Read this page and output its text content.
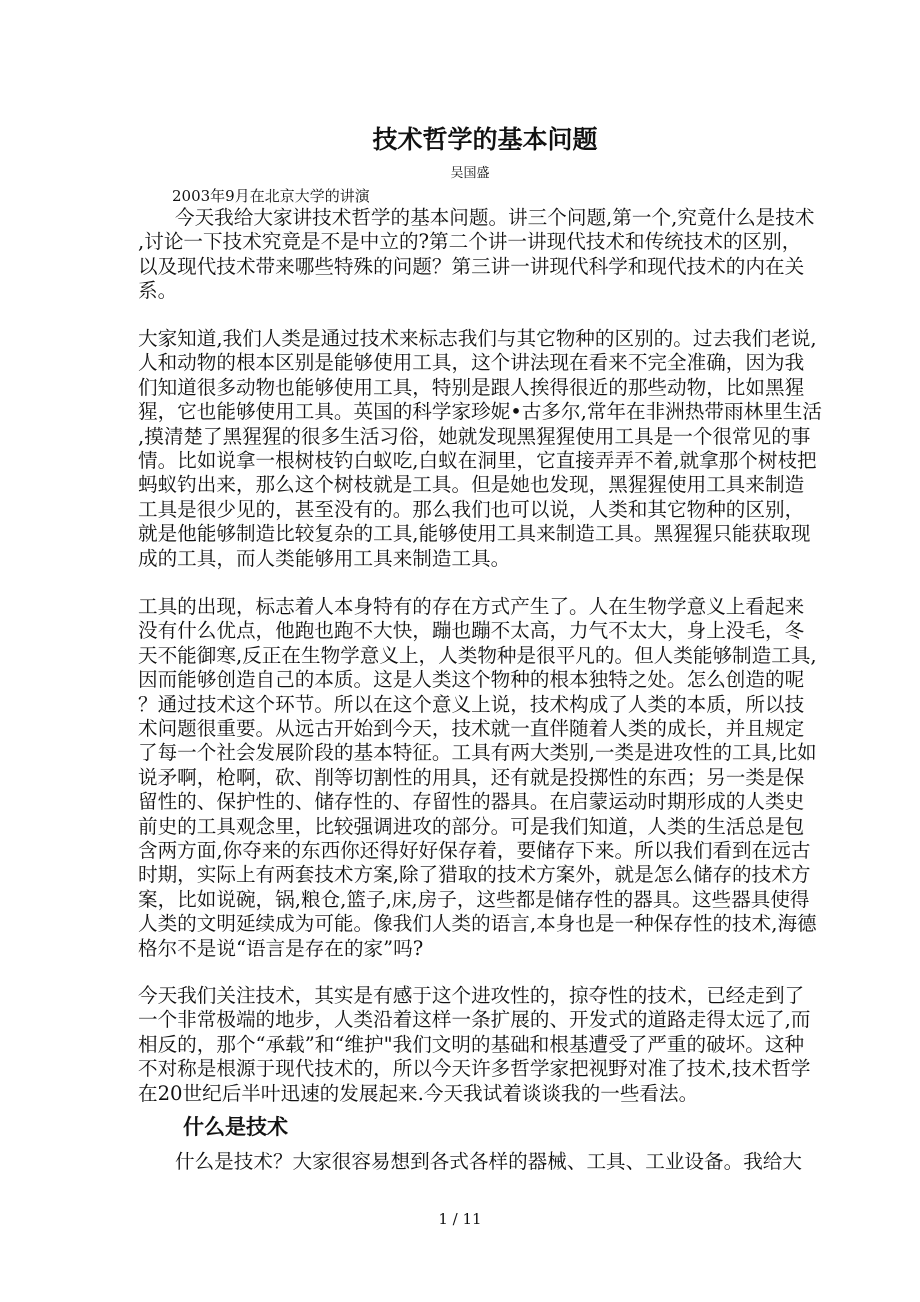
技术哲学的基本问题
吴国盛
2003年9月在北京大学的讲演
今天我给大家讲技术哲学的基本问题。讲三个问题,第一个,究竟什么是技术
,讨论一下技术究竟是不是中立的?第二个讲一讲现代技术和传统技术的区别，
以及现代技术带来哪些特殊的问题？第三讲一讲现代科学和现代技术的内在关
系。
大家知道,我们人类是通过技术来标志我们与其它物种的区别的。过去我们老说,
人和动物的根本区别是能够使用工具，这个讲法现在看来不完全准确，因为我
们知道很多动物也能够使用工具，特别是跟人挨得很近的那些动物，比如黑猩
猩，它也能够使用工具。英国的科学家珍妮•古多尔,常年在非洲热带雨林里生活
,摸清楚了黑猩猩的很多生活习俗，她就发现黑猩猩使用工具是一个很常见的事
情。比如说拿一根树枝钓白蚁吃,白蚁在洞里，它直接弄弄不着,就拿那个树枝把
蚂蚁钓出来，那么这个树枝就是工具。但是她也发现，黑猩猩使用工具来制造
工具是很少见的，甚至没有的。那么我们也可以说，人类和其它物种的区别，
就是他能够制造比较复杂的工具,能够使用工具来制造工具。黑猩猩只能获取现
成的工具，而人类能够用工具来制造工具。
工具的出现，标志着人本身特有的存在方式产生了。人在生物学意义上看起来
没有什么优点，他跑也跑不大快，蹦也蹦不太高，力气不太大，身上没毛，冬
天不能御寒,反正在生物学意义上，人类物种是很平凡的。但人类能够制造工具,
因而能够创造自己的本质。这是人类这个物种的根本独特之处。怎么创造的呢
？通过技术这个环节。所以在这个意义上说，技术构成了人类的本质，所以技
术问题很重要。从远古开始到今天，技术就一直伴随着人类的成长，并且规定
了每一个社会发展阶段的基本特征。工具有两大类别,一类是进攻性的工具,比如
说矛啊，枪啊，砍、削等切割性的用具，还有就是投掷性的东西；另一类是保
留性的、保护性的、储存性的、存留性的器具。在启蒙运动时期形成的人类史
前史的工具观念里，比较强调进攻的部分。可是我们知道，人类的生活总是包
含两方面,你夺来的东西你还得好好保存着，要储存下来。所以我们看到在远古
时期，实际上有两套技术方案,除了猎取的技术方案外，就是怎么储存的技术方
案，比如说碗，锅,粮仓,篮子,床,房子，这些都是储存性的器具。这些器具使得
人类的文明延续成为可能。像我们人类的语言,本身也是一种保存性的技术,海德
格尔不是说“语言是存在的家”吗?
今天我们关注技术，其实是有感于这个进攻性的，掠夺性的技术，已经走到了
一个非常极端的地步，人类沿着这样一条扩展的、开发式的道路走得太远了,而
相反的，那个“承载”和“维护"我们文明的基础和根基遭受了严重的破坏。这种
不对称是根源于现代技术的，所以今天许多哲学家把视野对准了技术,技术哲学
在20世纪后半叶迅速的发展起来.今天我试着谈谈我的一些看法。
什么是技术
什么是技术？大家很容易想到各式各样的器械、工具、工业设备。我给大
1 / 11
